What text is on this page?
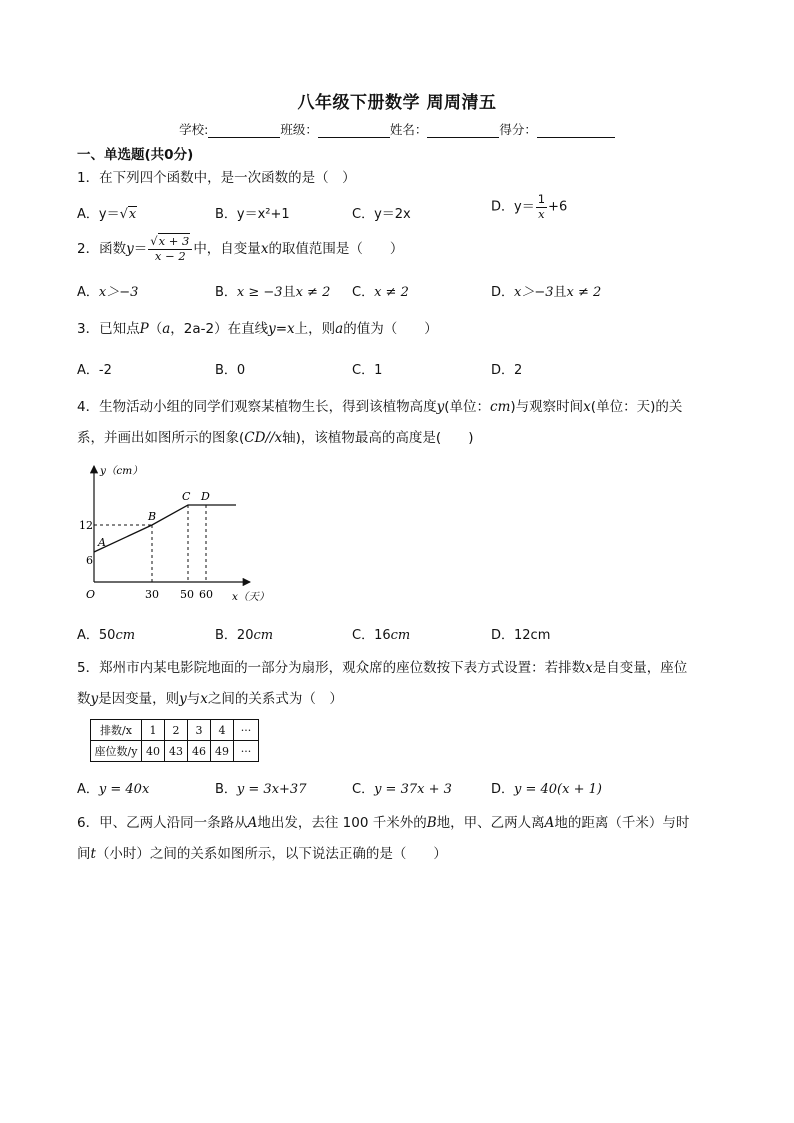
八年级下册数学 周周清五
学校:	班级：	姓名：	得分：
一、单选题(共0分)
1．在下列四个函数中，是一次函数的是（　）
A．y＝√x	B．y＝x²+1	C．y＝2x	D．$y= \frac{1}{x} +6$
2．函数$y= \frac{√x + 3}{x - 2}$ 中，自变量x的取值范围是（　　）
A．x＞−3	B．x ≥ −3且x ≠ 2 C．x ≠ 2	D．x＞−3且x ≠ 2
3．已知点P（a，2a-2）在直线y=x上，则a的值为（　　）
A．-2	B．0	C．1	D．2
4．生物活动小组的同学们观察某植物生长，得到该植物高度y(单位：cm)与观察时间x(单位：天)的关
系，并画出如图所示的图象(CD//x轴)，该植物最高的高度是(　　)
y（cm）
x（天）
O
6
12
30 50 60
A
B
C D
A．50cm	B．20cm	C．16cm	D．12cm
5．郑州市内某电影院地面的一部分为扇形，观众席的座位数按下表方式设置：若排数x是自变量，座位
数y是因变量，则y与x之间的关系式为（　）
排数/x	1	2	3	4	···
座位数/y	40	43	46	49	···
A．y = 40x	B．y = 3x+37	C．y = 37x + 3	D．y = 40(x + 1)
6．甲、乙两人沿同一条路从A地出发，去往 100 千米外的B地，甲、乙两人离A地的距离（千米）与时
间t（小时）之间的关系如图所示，以下说法正确的是（　　）
